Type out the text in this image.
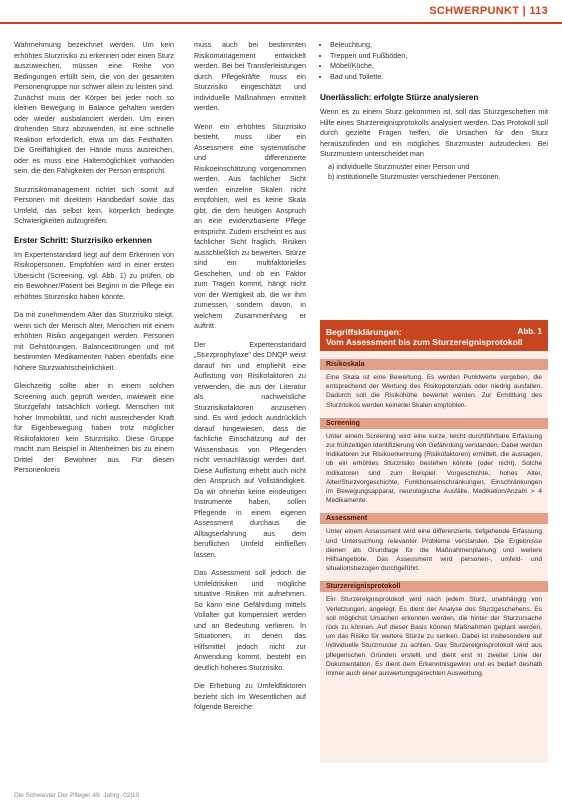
SCHWERPUNKT | 113

Wahrnehmung bezeichnet werden. Um kein erhöhtes Sturzrisiko zu erkennen oder einen Sturz auszuweichen, müssen eine Reihe von Bedingungen erfüllt sein, die von der gesamten Personengruppe nur schwer allein zu leisten sind. Zunächst muss der Körper bei jeder noch so kleinen Bewegung in Balance gehalten werden oder wieder ausbalanciert werden. Um einen drohenden Sturz abzuwenden, ist eine schnelle Reaktion erforderlich, etwa um das Festhalten. Die Greiffähigkeit der Hände muss ausreichen, oder es muss eine Haltemöglichkeit vorhanden sein, die den Fähigkeiten der Person entspricht.

Sturzrisikomanagement richtet sich somit auf Personen mit direktem Handbedarf sowie das Umfeld, das selbst kein, körperlich bedingte Schwierigkeiten aufzugreifen.

Erster Schritt: Sturzrisiko erkennen

Im Expertenstandard liegt auf dem Erkennen von Risikopersonen. Empfohlen wird in einer ersten Übersicht (Screening, vgl. Abb. 1) zu prüfen, ob ein Bewohner/Patient bei Beginn in die Pflege ein erhöhtes Sturzrisiko haben könnte.

Da mit zunehmendem Alter das Sturzrisiko steigt, wenn sich der Mensch älter, Menschen mit einem erhöhten Risiko angegangen werden. Personen mit Gehstörungen, Balancestörungen und mit bestimmten Medikamenten haben ebenfalls eine höhere Sturzwahrscheinlichkeit.

Gleichzeitig sollte aber in einem solchen Screening auch geprüft werden, inwieweit eine Sturzgefahr tatsächlich vorliegt. Menschen mit hoher Immobilität, und nicht ausreichender Kraft für Eigenbewegung haben trotz möglicher Risikofaktoren kein Sturzrisiko. Diese Gruppe macht zum Beispiel in Altenheimen bis zu einem Drittel der Bewohner aus. Für diesen Personenkreis

muss auch bei bestimmten Risikomanagement entwickelt werden. Bei bei Transferleistungen durch Pflegekräfte muss ein Sturzrisiko eingeschätzt und individuelle Maßnahmen ermittelt werden.

Wenn ein erhöhtes Sturzrisiko besteht, muss über ein Assessment eine systematische und differenzierte Risikoeinschätzung vorgenommen werden. Aus fachlicher Sicht werden einzelne Skalen nicht empfohlen, weil es keine Skala gibt, die dem heutigen Anspruch an eine evidenzbasierte Pflege entspricht. Zudem erscheint es aus fachlicher Sicht fraglich, Risiken ausschließlich zu bewerten. Stürze sind ein multifaktorielles Geschehen, und ob ein Faktor zum Tragen kommt, hängt nicht von der Wertigkeit ab, die wir ihm zumessen, sondern davon, in welchem Zusammenhang er auftritt.

Der Expertenstandard „Sturzprophylaxe“ des DNQP weist darauf hin und empfiehlt eine Auflistung von Risikofaktoren zu verwenden, die aus der Literatur als nachweisliche Sturzrisikofaktoren anzusehen sind. Es wird jedoch ausdrücklich darauf hingewiesen, dass die fachliche Einschätzung auf der Wissensbasis von Pflegenden nicht vernachlässigt werden darf. Diese Auflistung erhebt auch nicht den Anspruch auf Vollständigkeit. Da wir ohnehin keine eindeutigen Instrumente haben, sollen Pflegende in einem eigenen Assessment durchaus die Alltagserfahrung aus dem beruflichen Umfeld einfließen lassen.

Das Assessment soll jedoch die Umfeldrisiken und mögliche situative Risiken mit aufnehmen. So kann eine Gefährdung mittels Vollalter gut kompensiert werden und an Bedeutung verlieren. In Situationen, in denen das Hilfsmittel jedoch nicht zur Anwendung kommt, besteht ein deutlich höheres Sturzrisiko.

Die Erhebung zu Umfeldfaktoren bezieht sich im Wesentlichen auf folgende Bereiche:

• Beleuchtung,
• Treppen und Fußböden,
• Möbel/Küche,
• Bad und Toilette.
Unerlässlich: erfolgte Stürze analysieren

Wenn es zu einem Sturz gekommen ist, soll das Sturzgeschehen mit Hilfe eines Sturzereignisprotokolls analysiert werden. Das Protokoll soll durch gezielte Fragen helfen, die Ursachen für den Sturz herauszufinden und ein mögliches Sturzmuster aufzudecken. Bei Sturzmustern unterscheidet man

a) individuelle Sturzmuster einer Person und
b) institutionelle Sturzmuster verschiedener Personen.
Begriffsklärungen:
Vom Assessment bis zum Sturzereignisprotokoll
Abb. 1
Risikoskala
Eine Skala ist eine Bewertung. Es werden Punktwerte vergeben, die entsprechend der Wertung des Risikopotenzials oder niedrig ausfallen. Dadurch soll die Risikohöhe bewertet werden. Zur Ermittlung des Sturzrisikos werden keinerlei Skalen empfohlen.
Screening
Unter einem Screening wird eine kurze, leicht durchführbare Erfassung zur frühzeitigen Identifizierung von Gefährdung verstanden. Dabei werden Indikatoren zur Risikoerkennung (Risikofaktoren) ermittelt, die aussagen, ob ein erhöhtes Sturzrisiko bestehen könnte (oder nicht). Solche Indikatoren sind zum Beispiel: Vorgeschichte, hohes Alter, Alter/Sturzvorgeschichte, Funktionseinschränkungen, Einschränkungen im Bewegungsapparat, neurologische Ausfälle, Medikation/Anzahl > 4 Medikamente.
Assessment
Unter einem Assessment wird eine differenzierte, tiefgehende Erfassung und Untersuchung relevanter Probleme verstanden. Die Ergebnisse dienen als Grundlage für die Maßnahmenplanung und weitere Hilfsangebote. Das Assessment wird personen-, umfeld- und situationsbezogen durchgeführt.
Sturzereignisprotokoll
Ein Sturzereignisprotokoll wird nach jedem Sturz, unabhängig von Verletzungen, angelegt. Es dient der Analyse des Sturzgeschehens. Es soll möglichst Ursachen erkennen werden, die hinter der Sturzursache rück zu können. Auf dieser Basis können Maßnahmen geplant werden, um das Risiko für weitere Stürze zu senken. Dabei ist insbesondere auf individuelle Sturzmuster zu achten. Das Sturzereignisprotokoll wird aus pflegerischen Gründen erstellt und dient erst in zweiter Linie der Dokumentation. Es dient dem Erkenntnisgewinn und es bedarf deshalb immer auch einer auswertungsgerechten Auswertung.
Die Schwester Der Pfleger 49. Jahrg. 02|10
